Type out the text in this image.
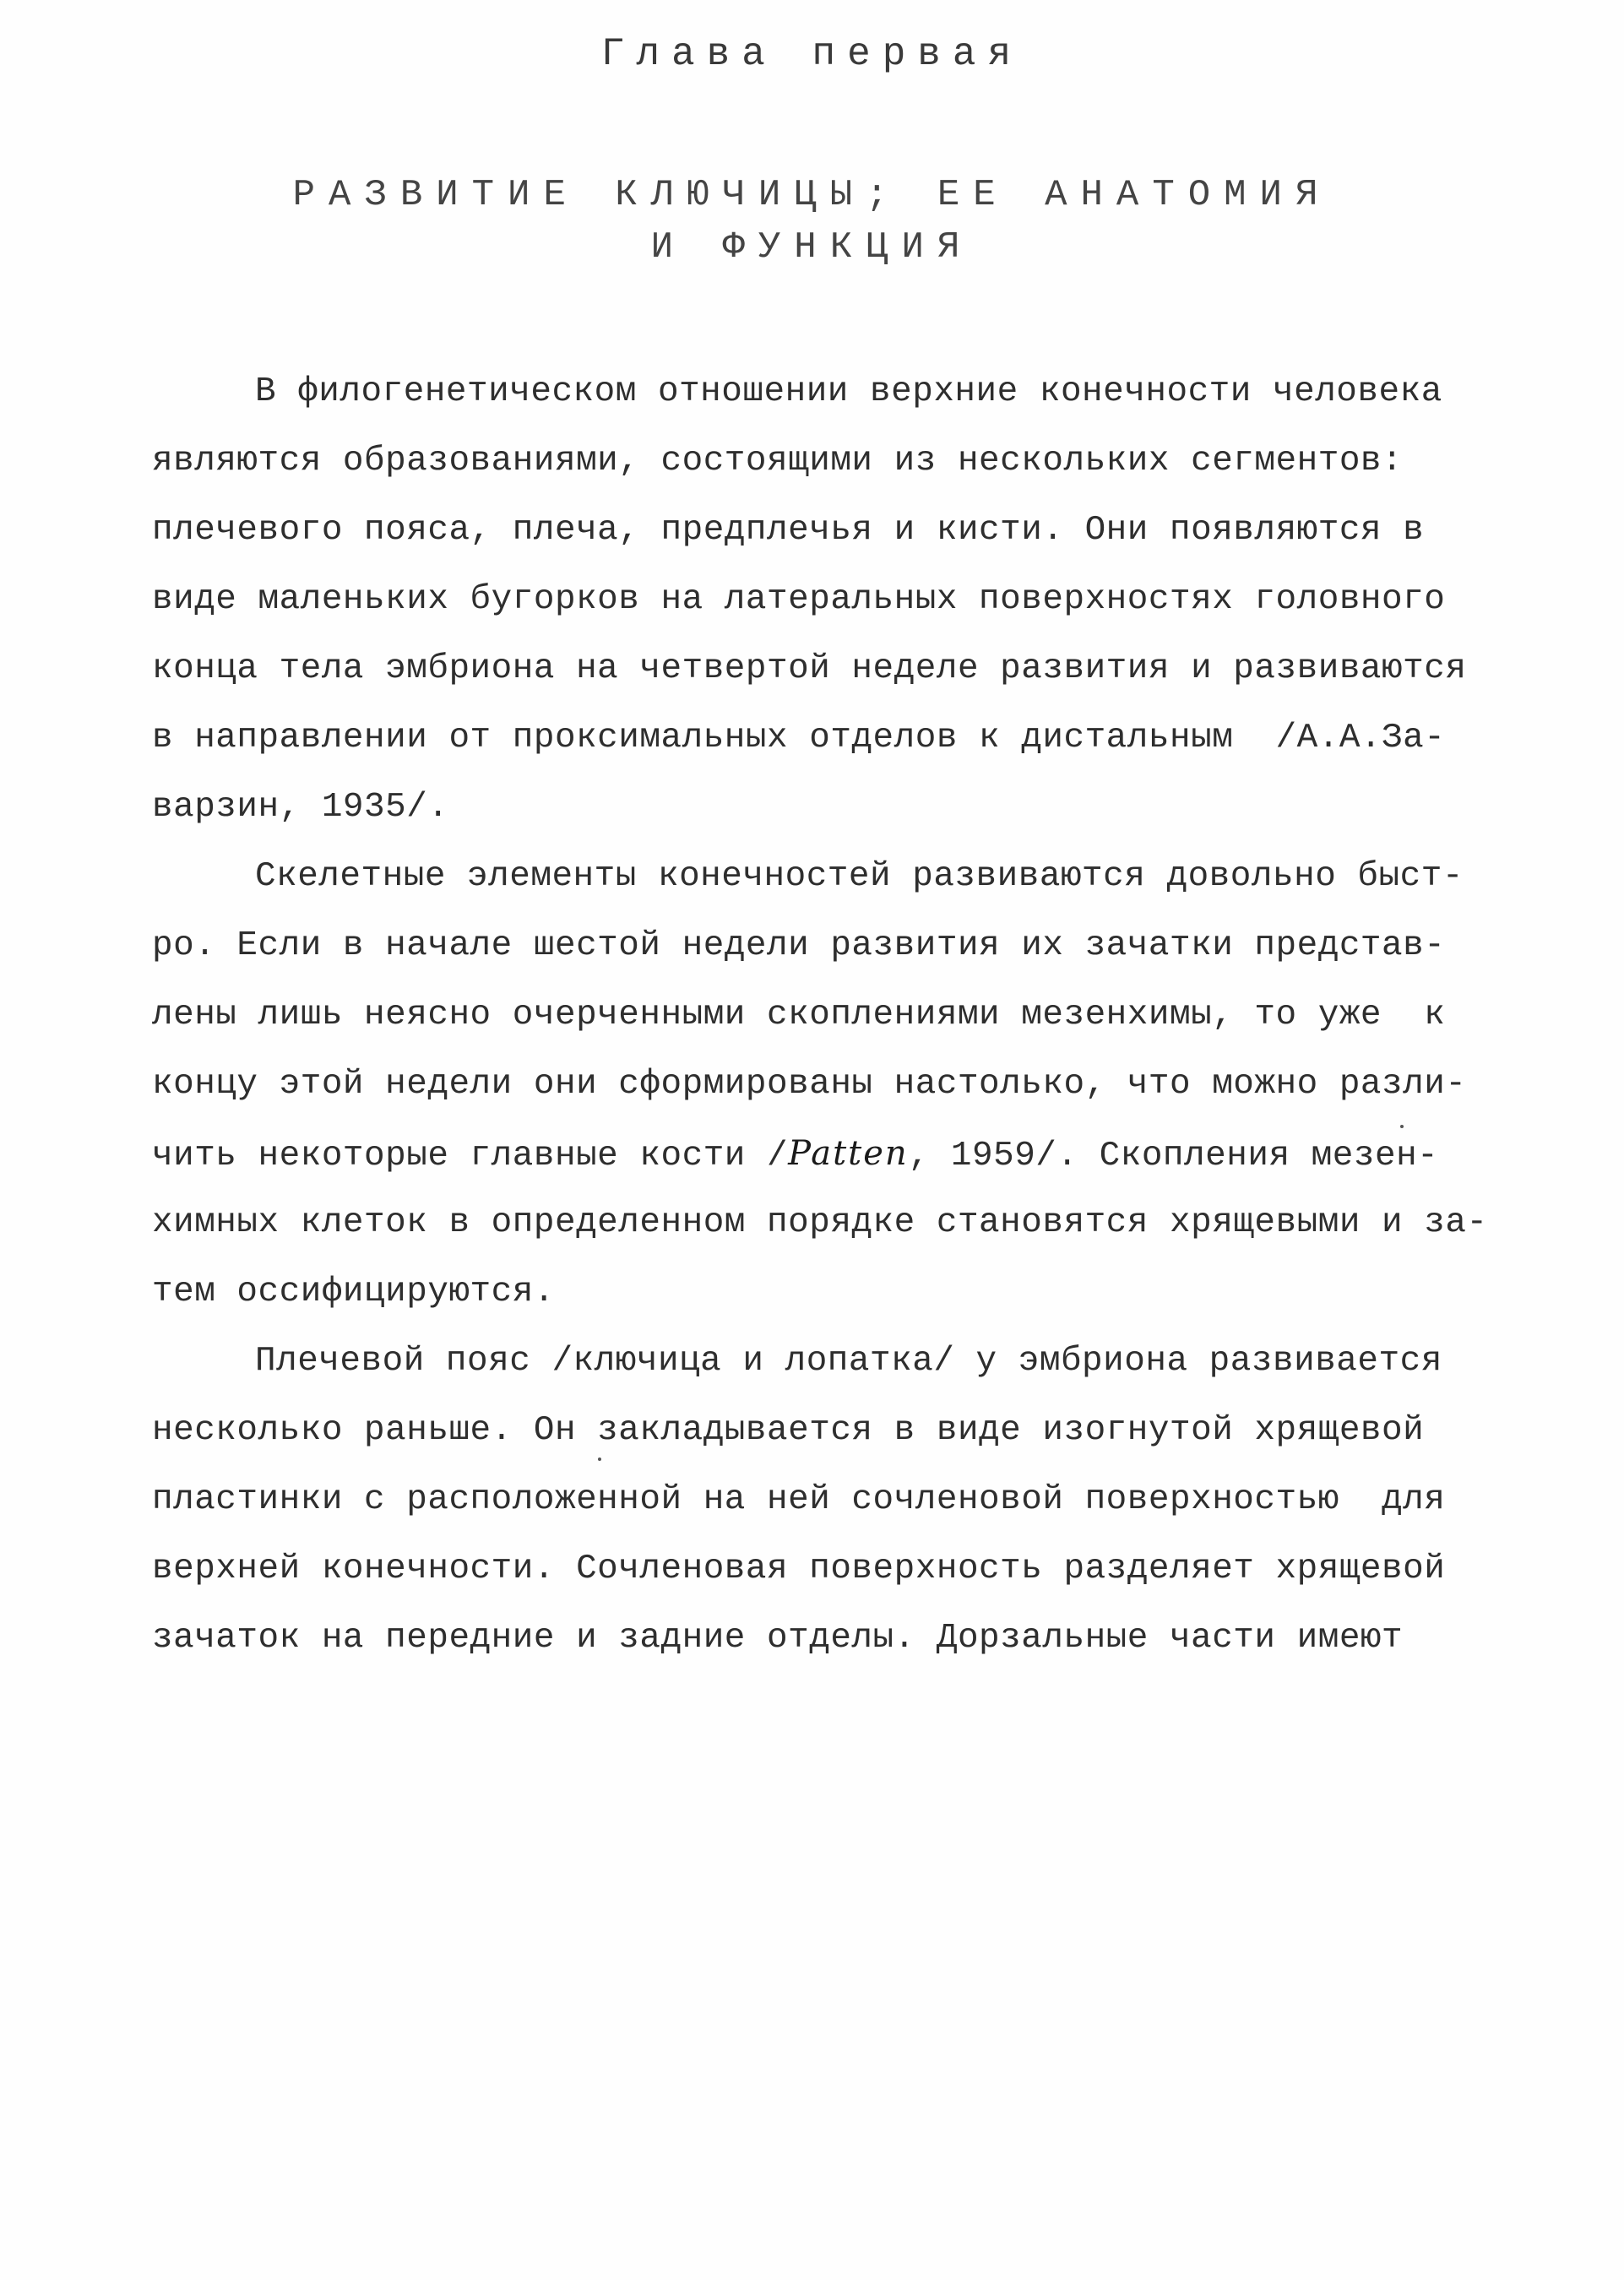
Глава первая
РАЗВИТИЕ КЛЮЧИЦЫ; ЕЕ АНАТОМИЯ
И ФУНКЦИЯ
В филогенетическом отношении верхние конечности человека
являются образованиями, состоящими из нескольких сегментов:
плечевого пояса, плеча, предплечья и кисти. Они появляются в
виде маленьких бугорков на латеральных поверхностях головного
конца тела эмбриона на четвертой неделе развития и развиваются
в направлении от проксимальных отделов к дистальным  /А.А.За-
варзин, 1935/.
Скелетные элементы конечностей развиваются довольно быст-
ро. Если в начале шестой недели развития их зачатки представ-
лены лишь неясно очерченными скоплениями мезенхимы, то уже  к
концу этой недели они сформированы настолько, что можно разли-
чить некоторые главные кости /Patten, 1959/. Скопления мезен-
химных клеток в определенном порядке становятся хрящевыми и за-
тем оссифицируются.
Плечевой пояс /ключица и лопатка/ у эмбриона развивается
несколько раньше. Он закладывается в виде изогнутой хрящевой
пластинки с расположенной на ней сочленовой поверхностью  для
верхней конечности. Сочленовая поверхность разделяет хрящевой
зачаток на передние и задние отделы. Дорзальные части имеют
